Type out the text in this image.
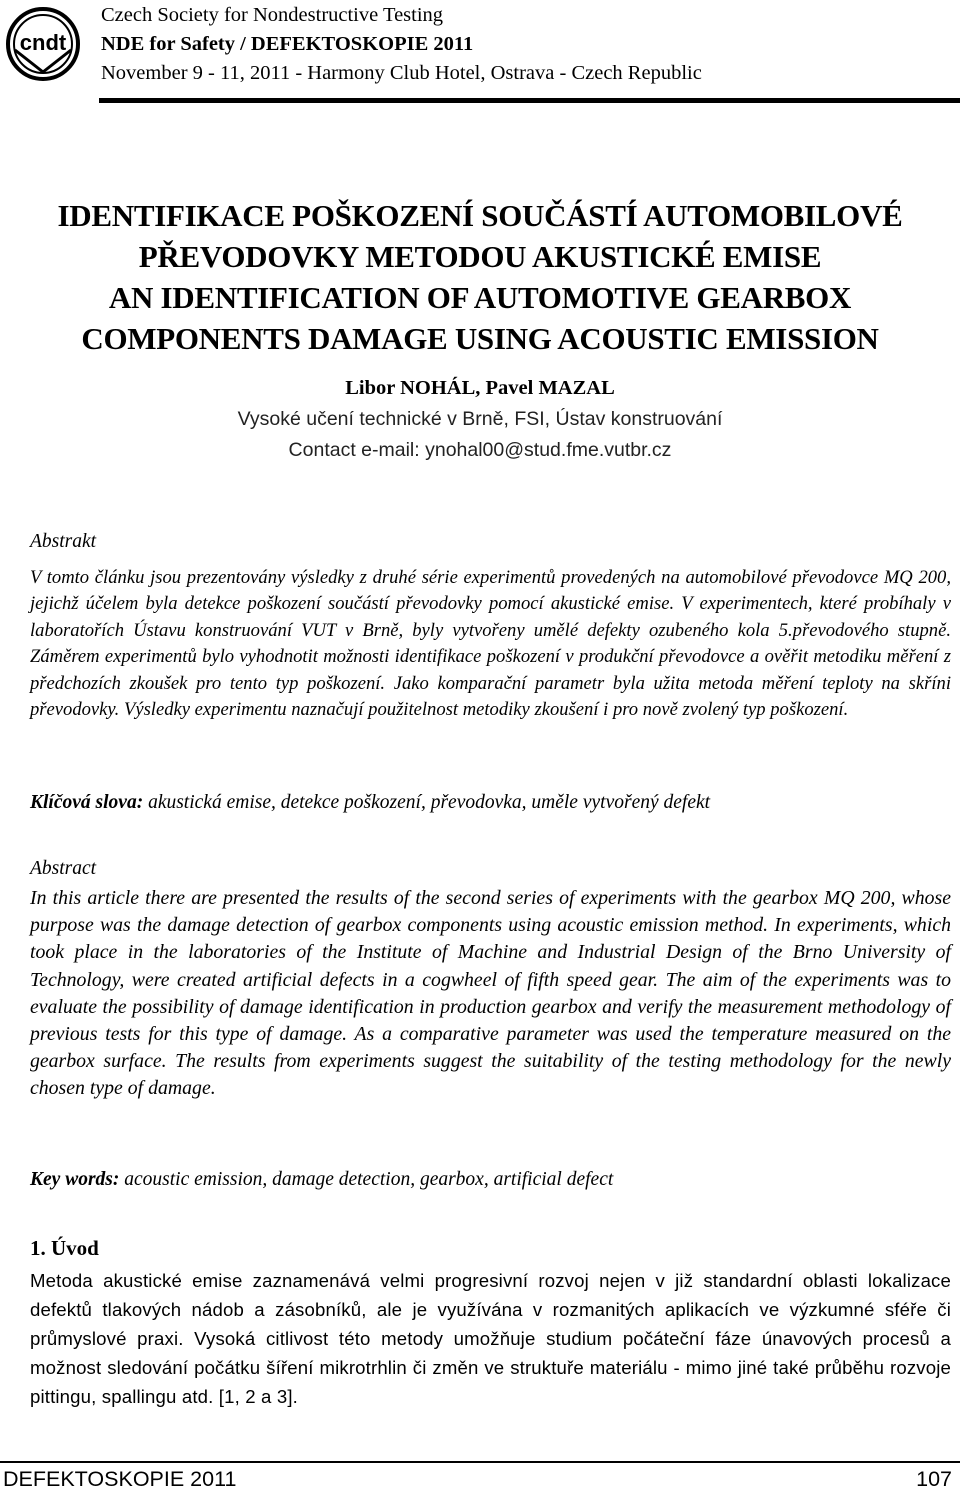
cndt
Czech Society for Nondestructive Testing
NDE for Safety / DEFEKTOSKOPIE 2011
November 9 - 11, 2011 - Harmony Club Hotel, Ostrava - Czech Republic
IDENTIFIKACE POŠKOZENÍ SOUČÁSTÍ AUTOMOBILOVÉ
PŘEVODOVKY METODOU AKUSTICKÉ EMISE
AN IDENTIFICATION OF AUTOMOTIVE GEARBOX
COMPONENTS DAMAGE USING ACOUSTIC EMISSION
Libor NOHÁL, Pavel MAZAL
Vysoké učení technické v Brně, FSI, Ústav konstruování
Contact e-mail: ynohal00@stud.fme.vutbr.cz
Abstrakt
V tomto článku jsou prezentovány výsledky z druhé série experimentů provedených na automobilové převodovce MQ 200, jejichž účelem byla detekce poškození součástí převodovky pomocí akustické emise. V experimentech, které probíhaly v laboratořích Ústavu konstruování VUT v Brně, byly vytvořeny umělé defekty ozubeného kola 5.převodového stupně. Záměrem experimentů bylo vyhodnotit možnosti identifikace poškození v produkční převodovce a ověřit metodiku měření z předchozích zkoušek pro tento typ poškození. Jako komparační parametr byla užita metoda měření teploty na skříni převodovky. Výsledky experimentu naznačují použitelnost metodiky zkoušení i pro nově zvolený typ poškození.
Klíčová slova: akustická emise, detekce poškození, převodovka, uměle vytvořený defekt
Abstract
In this article there are presented the results of the second series of experiments with the gearbox MQ 200, whose purpose was the damage detection of gearbox components using acoustic emission method. In experiments, which took place in the laboratories of the Institute of Machine and Industrial Design of the Brno University of Technology, were created artificial defects in a cogwheel of fifth speed gear. The aim of the experiments was to evaluate the possibility of damage identification in production gearbox and verify the measurement methodology of previous tests for this type of damage. As a comparative parameter was used the temperature measured on the gearbox surface. The results from experiments suggest the suitability of the testing methodology for the newly chosen type of damage.
Key words: acoustic emission, damage detection, gearbox, artificial defect
1. Úvod
Metoda akustické emise zaznamenává velmi progresivní rozvoj nejen v již standardní oblasti lokalizace defektů tlakových nádob a zásobníků, ale je využívána v rozmanitých aplikacích ve výzkumné sféře či průmyslové praxi. Vysoká citlivost této metody umožňuje studium počáteční fáze únavových procesů a možnost sledování počátku šíření mikrotrhlin či změn ve struktuře materiálu - mimo jiné také průběhu rozvoje pittingu, spallingu atd. [1, 2 a 3].
DEFEKTOSKOPIE 2011	107
